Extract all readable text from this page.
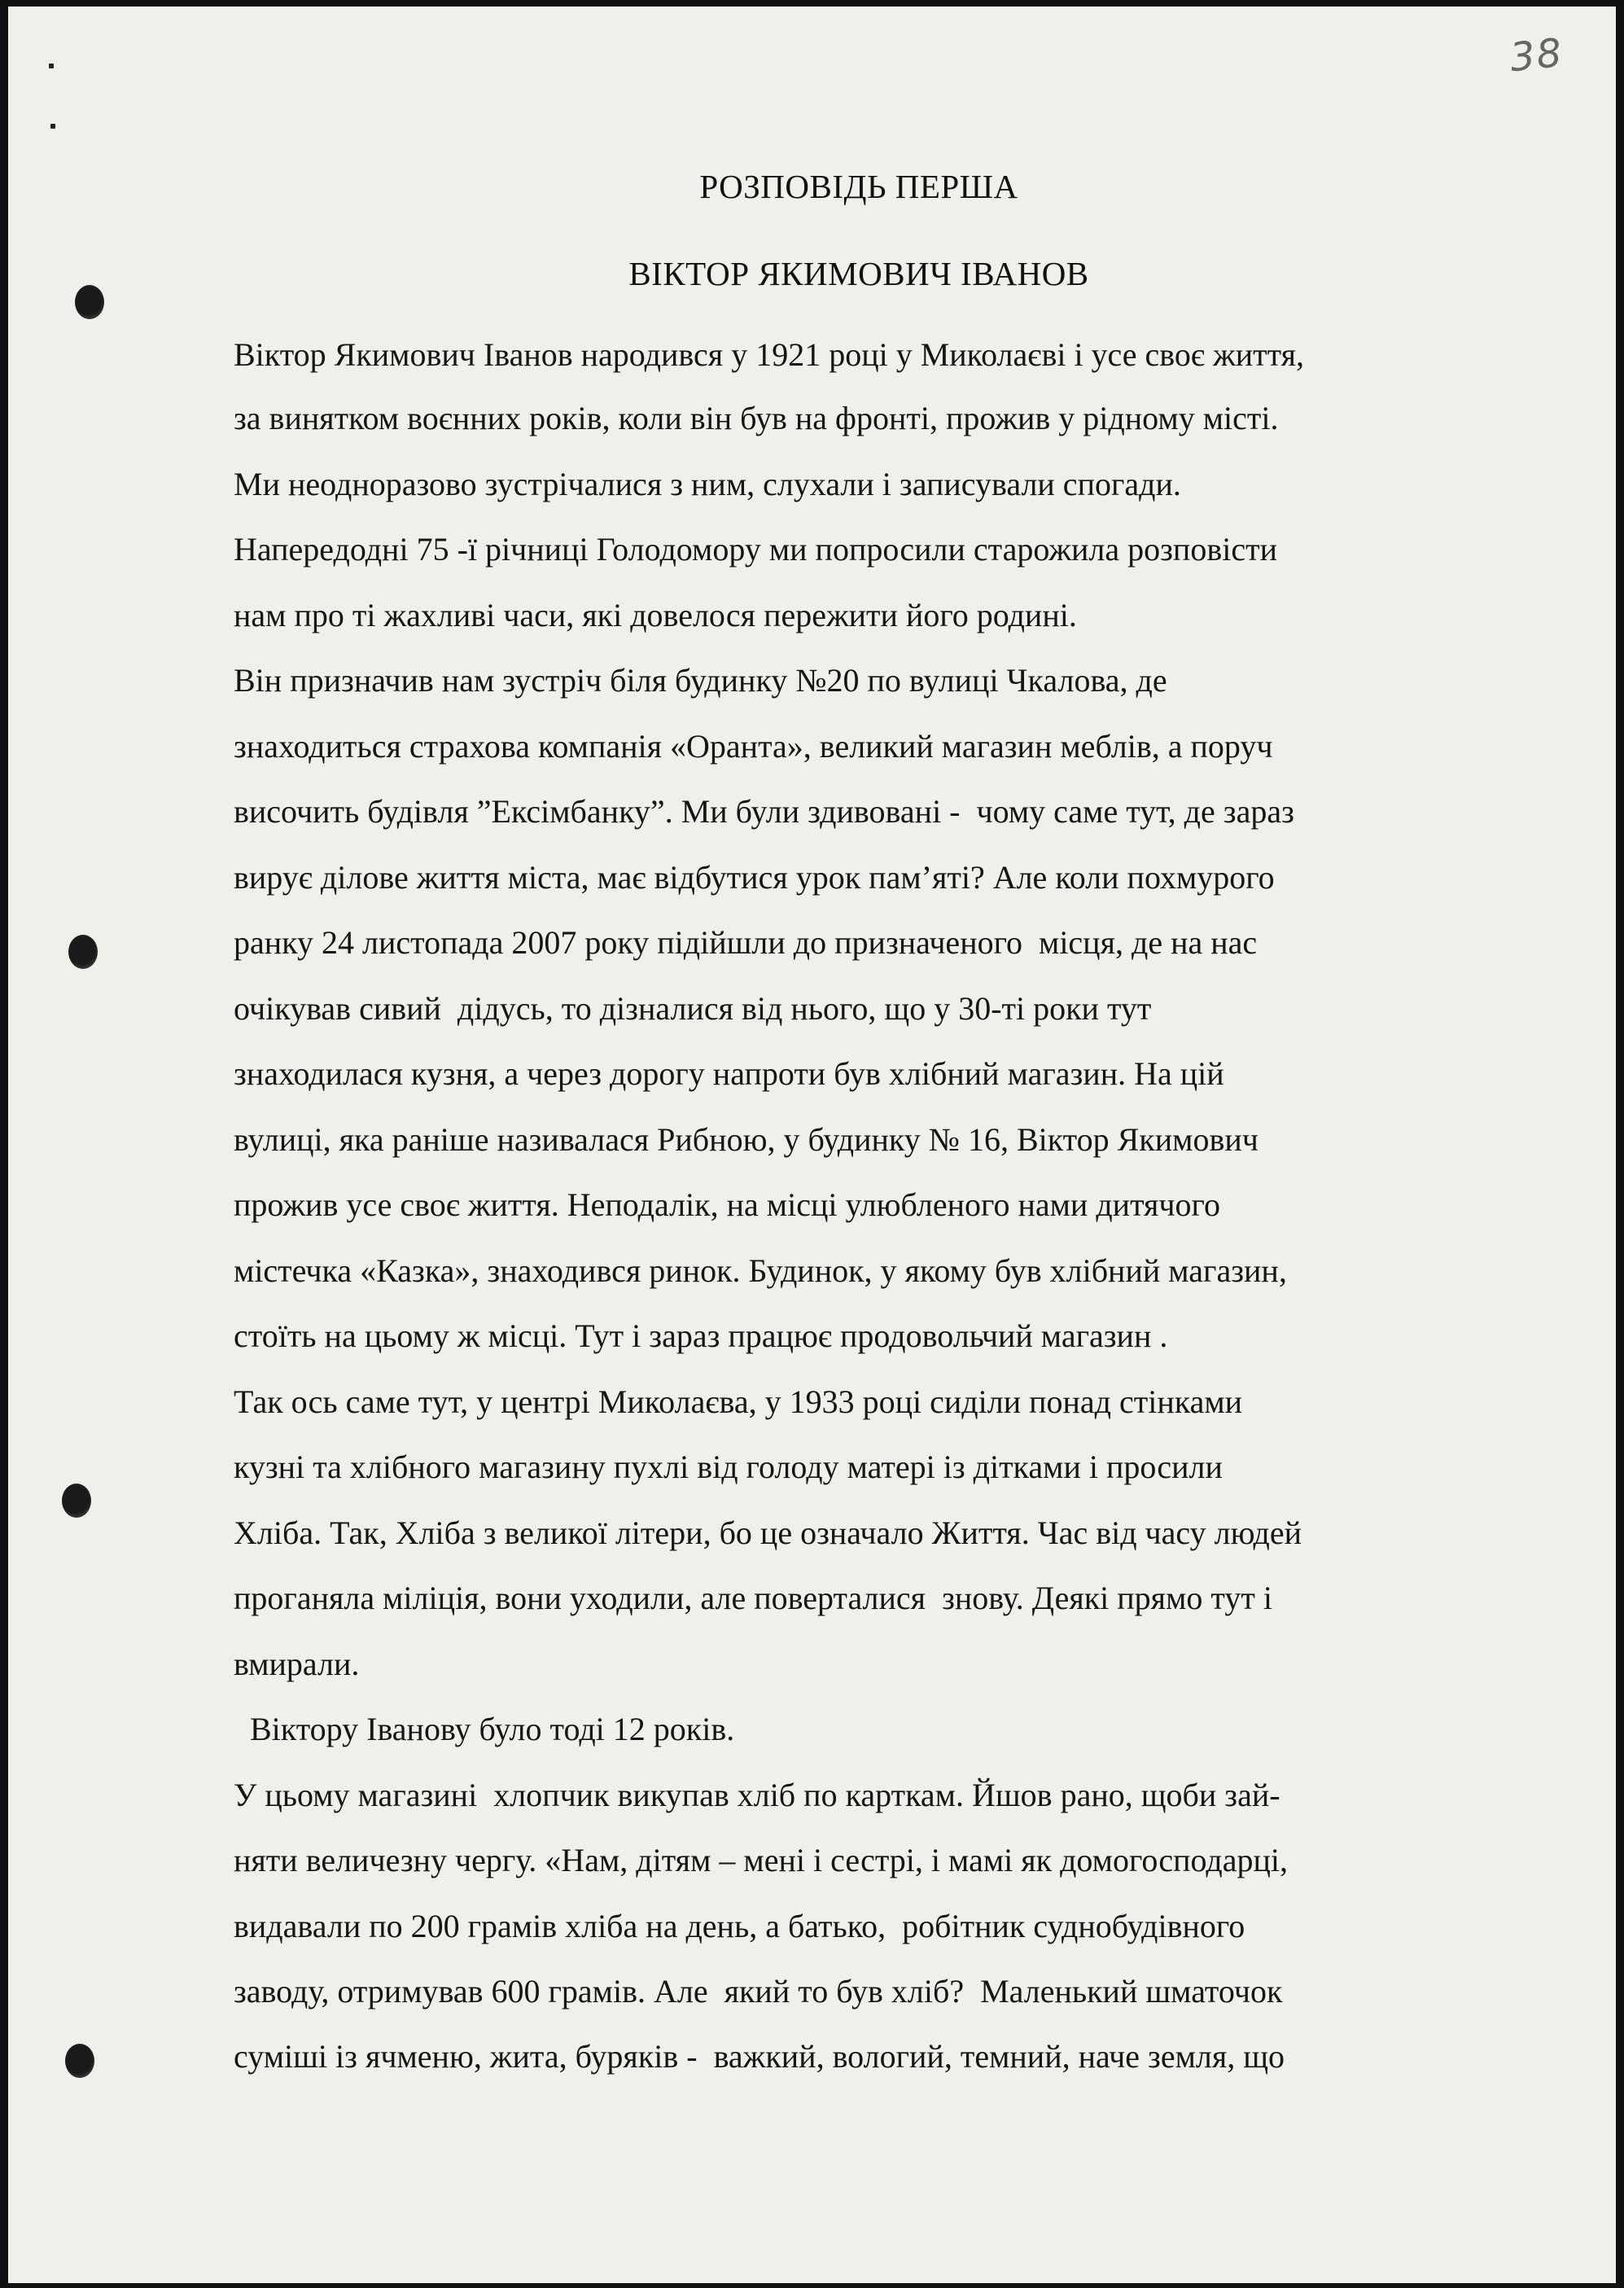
38
РОЗПОВІДЬ ПЕРША
ВІКТОР ЯКИМОВИЧ ІВАНОВ
Віктор Якимович Іванов народився у 1921 році у Миколаєві і усе своє життя,
за винятком воєнних років, коли він був на фронті, прожив у рідному місті.
Ми неодноразово зустрічалися з ним, слухали і записували спогади.
Напередодні 75 -ї річниці Голодомору ми попросили старожила розповісти
нам про ті жахливі часи, які довелося пережити його родині.
Він призначив нам зустріч біля будинку №20 по вулиці Чкалова, де
знаходиться страхова компанія «Оранта», великий магазин меблів, а поруч
височить будівля ”Ексімбанку”. Ми були здивовані -  чому саме тут, де зараз
вирує ділове життя міста, має відбутися урок пам’яті? Але коли похмурого
ранку 24 листопада 2007 року підійшли до призначеного  місця, де на нас
очікував сивий  дідусь, то дізналися від нього, що у 30-ті роки тут
знаходилася кузня, а через дорогу напроти був хлібний магазин. На цій
вулиці, яка раніше називалася Рибною, у будинку № 16, Віктор Якимович
прожив усе своє життя. Неподалік, на місці улюбленого нами дитячого
містечка «Казка», знаходився ринок. Будинок, у якому був хлібний магазин,
стоїть на цьому ж місці. Тут і зараз працює продовольчий магазин .
Так ось саме тут, у центрі Миколаєва, у 1933 році сиділи понад стінками
кузні та хлібного магазину пухлі від голоду матері із дітками і просили
Хліба. Так, Хліба з великої літери, бо це означало Життя. Час від часу людей
проганяла міліція, вони уходили, але поверталися  знову. Деякі прямо тут і
вмирали.
Віктору Іванову було тоді 12 років.
У цьому магазині  хлопчик викупав хліб по карткам. Йшов рано, щоби зай-
няти величезну чергу. «Нам, дітям – мені і сестрі, і мамі як домогосподарці,
видавали по 200 грамів хліба на день, а батько,  робітник суднобудівного
заводу, отримував 600 грамів. Але  який то був хліб?  Маленький шматочок
суміші із ячменю, жита, буряків -  важкий, вологий, темний, наче земля, що
